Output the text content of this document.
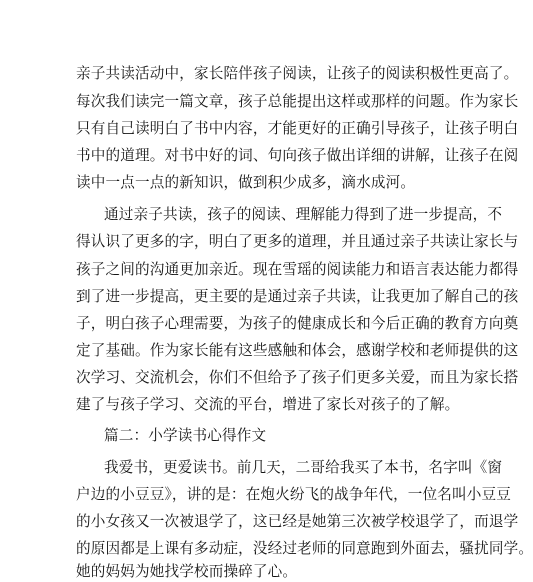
亲子共读活动中，家长陪伴孩子阅读，让孩子的阅读积极性更高了。
每次我们读完一篇文章，孩子总能提出这样或那样的问题。作为家长
只有自己读明白了书中内容，才能更好的正确引导孩子，让孩子明白
书中的道理。对书中好的词、句向孩子做出详细的讲解，让孩子在阅
读中一点一点的新知识，做到积少成多，滴水成河。
通过亲子共读，孩子的阅读、理解能力得到了进一步提高，不
得认识了更多的字，明白了更多的道理，并且通过亲子共读让家长与
孩子之间的沟通更加亲近。现在雪瑶的阅读能力和语言表达能力都得
到了进一步提高，更主要的是通过亲子共读，让我更加了解自己的孩
子，明白孩子心理需要，为孩子的健康成长和今后正确的教育方向奠
定了基础。作为家长能有这些感触和体会，感谢学校和老师提供的这
次学习、交流机会，你们不但给予了孩子们更多关爱，而且为家长搭
建了与孩子学习、交流的平台，增进了家长对孩子的了解。
篇二：小学读书心得作文
我爱书，更爱读书。前几天，二哥给我买了本书，名字叫《窗
户边的小豆豆》，讲的是：在炮火纷飞的战争年代，一位名叫小豆豆
的小女孩又一次被退学了，这已经是她第三次被学校退学了，而退学
的原因都是上课有多动症，没经过老师的同意跑到外面去，骚扰同学。
她的妈妈为她找学校而操碎了心。
